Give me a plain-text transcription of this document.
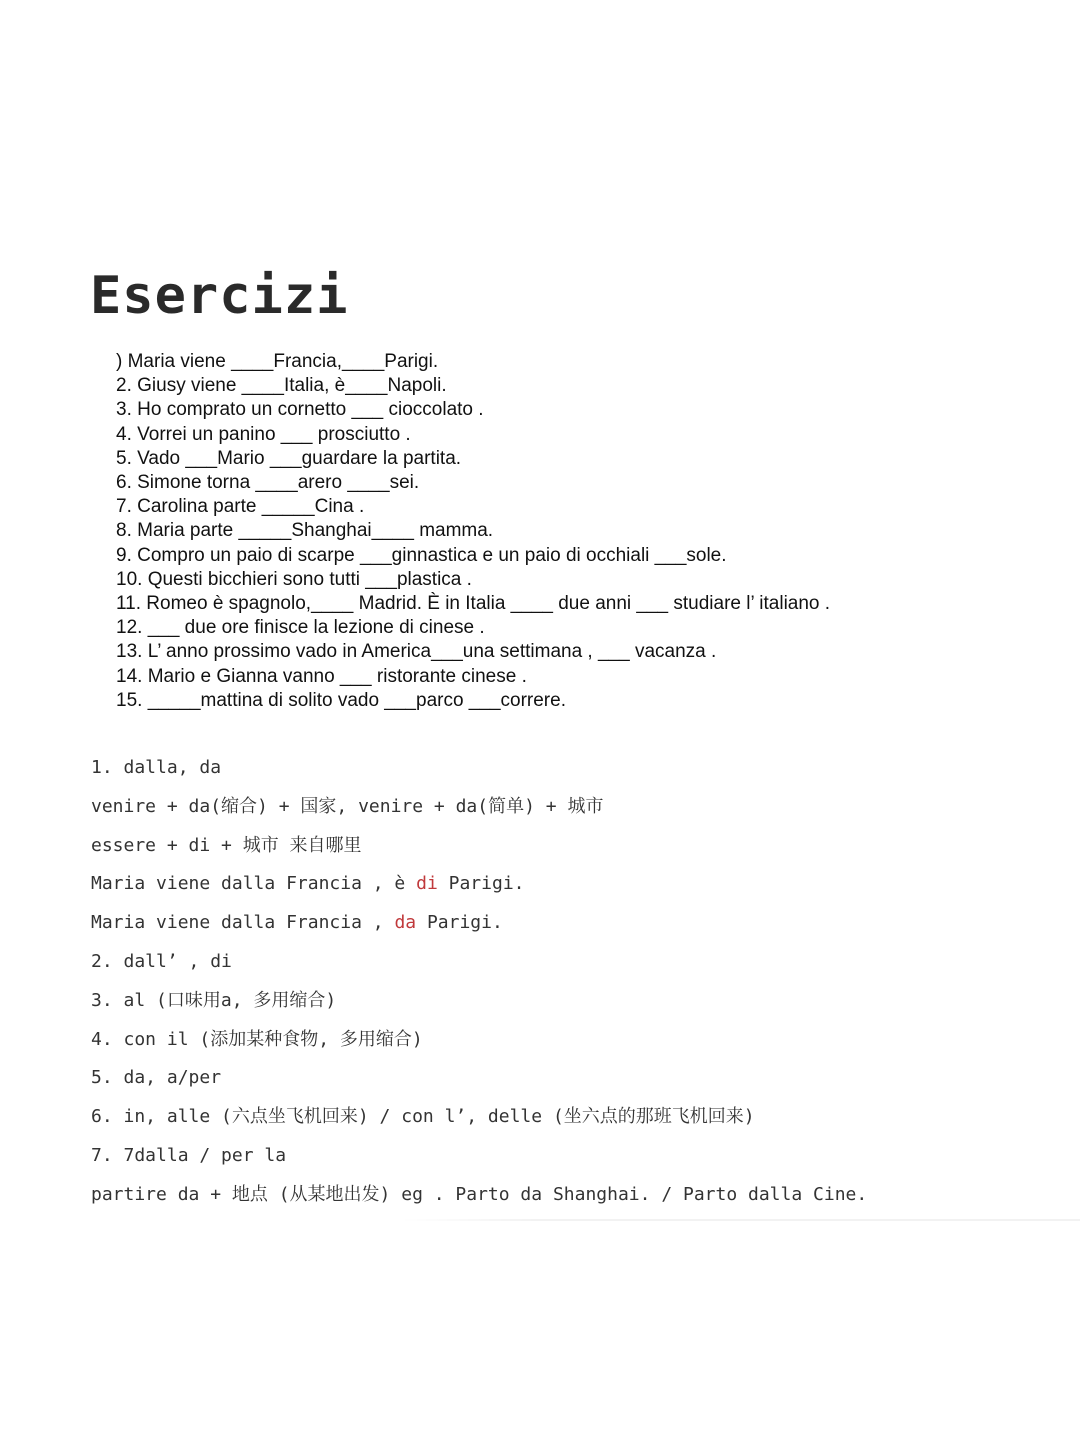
Esercizi
) Maria viene ____Francia,____Parigi.
2. Giusy viene ____Italia, è____Napoli.
3. Ho comprato un cornetto ___ cioccolato .
4. Vorrei un panino ___ prosciutto .
5. Vado ___Mario ___guardare la partita.
6. Simone torna ____arero ____sei.
7. Carolina parte _____Cina .
8. Maria parte _____Shanghai____ mamma.
9. Compro un paio di scarpe ___ginnastica e un paio di occhiali ___sole.
10. Questi bicchieri sono tutti ___plastica .
11. Romeo è spagnolo,____ Madrid. È in Italia ____ due anni ___ studiare l’ italiano .
12. ___ due ore finisce la lezione di cinese .
13. L’ anno prossimo vado in America___una settimana , ___ vacanza .
14. Mario e Gianna vanno ___ ristorante cinese .
15. _____mattina di solito vado ___parco ___correre.
1. dalla, da
venire + da(缩合) + 国家, venire + da(简单) + 城市
essere + di + 城市 来自哪里
Maria viene dalla Francia , è di Parigi.
Maria viene dalla Francia , da Parigi.
2. dall’ , di
3. al (口味用a, 多用缩合)
4. con il (添加某种食物, 多用缩合)
5. da, a/per
6. in, alle (六点坐飞机回来) / con l’, delle (坐六点的那班飞机回来)
7. 7dalla / per la
partire da + 地点 (从某地出发) eg . Parto da Shanghai. / Parto dalla Cine.
